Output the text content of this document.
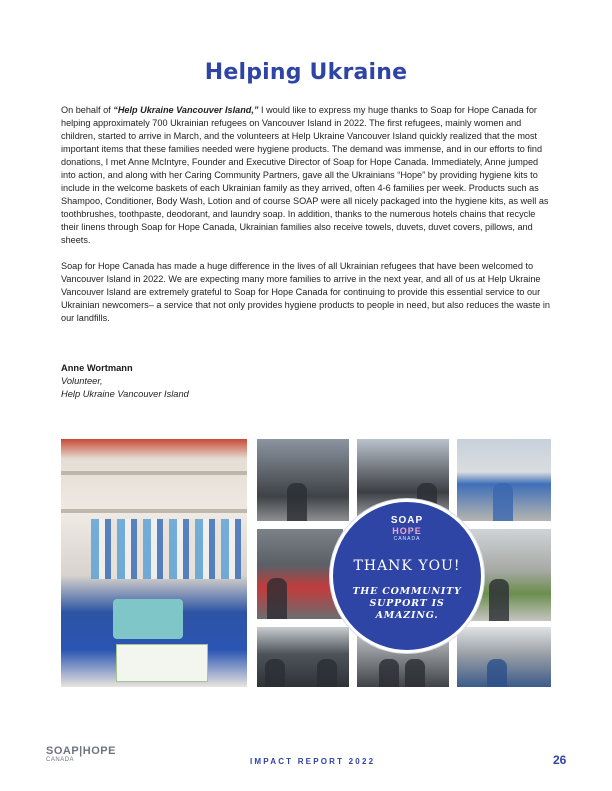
Helping Ukraine

On behalf of “Help Ukraine Vancouver Island,” I would like to express my huge thanks to Soap for Hope Canada for helping approximately 700 Ukrainian refugees on Vancouver Island in 2022. The first refugees, mainly women and children, started to arrive in March, and the volunteers at Help Ukraine Vancouver Island quickly realized that the most important items that these families needed were hygiene products. The demand was immense, and in our efforts to find donations, I met Anne McIntyre, Founder and Executive Director of Soap for Hope Canada. Immediately, Anne jumped into action, and along with her Caring Community Partners, gave all the Ukrainians “Hope” by providing hygiene kits to include in the welcome baskets of each Ukrainian family as they arrived, often 4-6 families per week. Products such as Shampoo, Conditioner, Body Wash, Lotion and of course SOAP were all nicely packaged into the hygiene kits, as well as toothbrushes, toothpaste, deodorant, and laundry soap. In addition, thanks to the numerous hotels chains that recycle their linens through Soap for Hope Canada, Ukrainian families also receive towels, duvets, duvet covers, pillows, and sheets.

Soap for Hope Canada has made a huge difference in the lives of all Ukrainian refugees that have been welcomed to Vancouver Island in 2022. We are expecting many more families to arrive in the next year, and all of us at Help Ukraine Vancouver Island are extremely grateful to Soap for Hope Canada for continuing to provide this essential service to our Ukrainian newcomers– a service that not only provides hygiene products to people in need, but also reduces the waste in our landfills.

Anne Wortmann
Volunteer,
Help Ukraine Vancouver Island
SOAP
HOPE
CANADA
THANK YOU!
THE COMMUNITY
SUPPORT IS
AMAZING.
SOAP|HOPE
CANADA	IMPACT REPORT 2022	26
